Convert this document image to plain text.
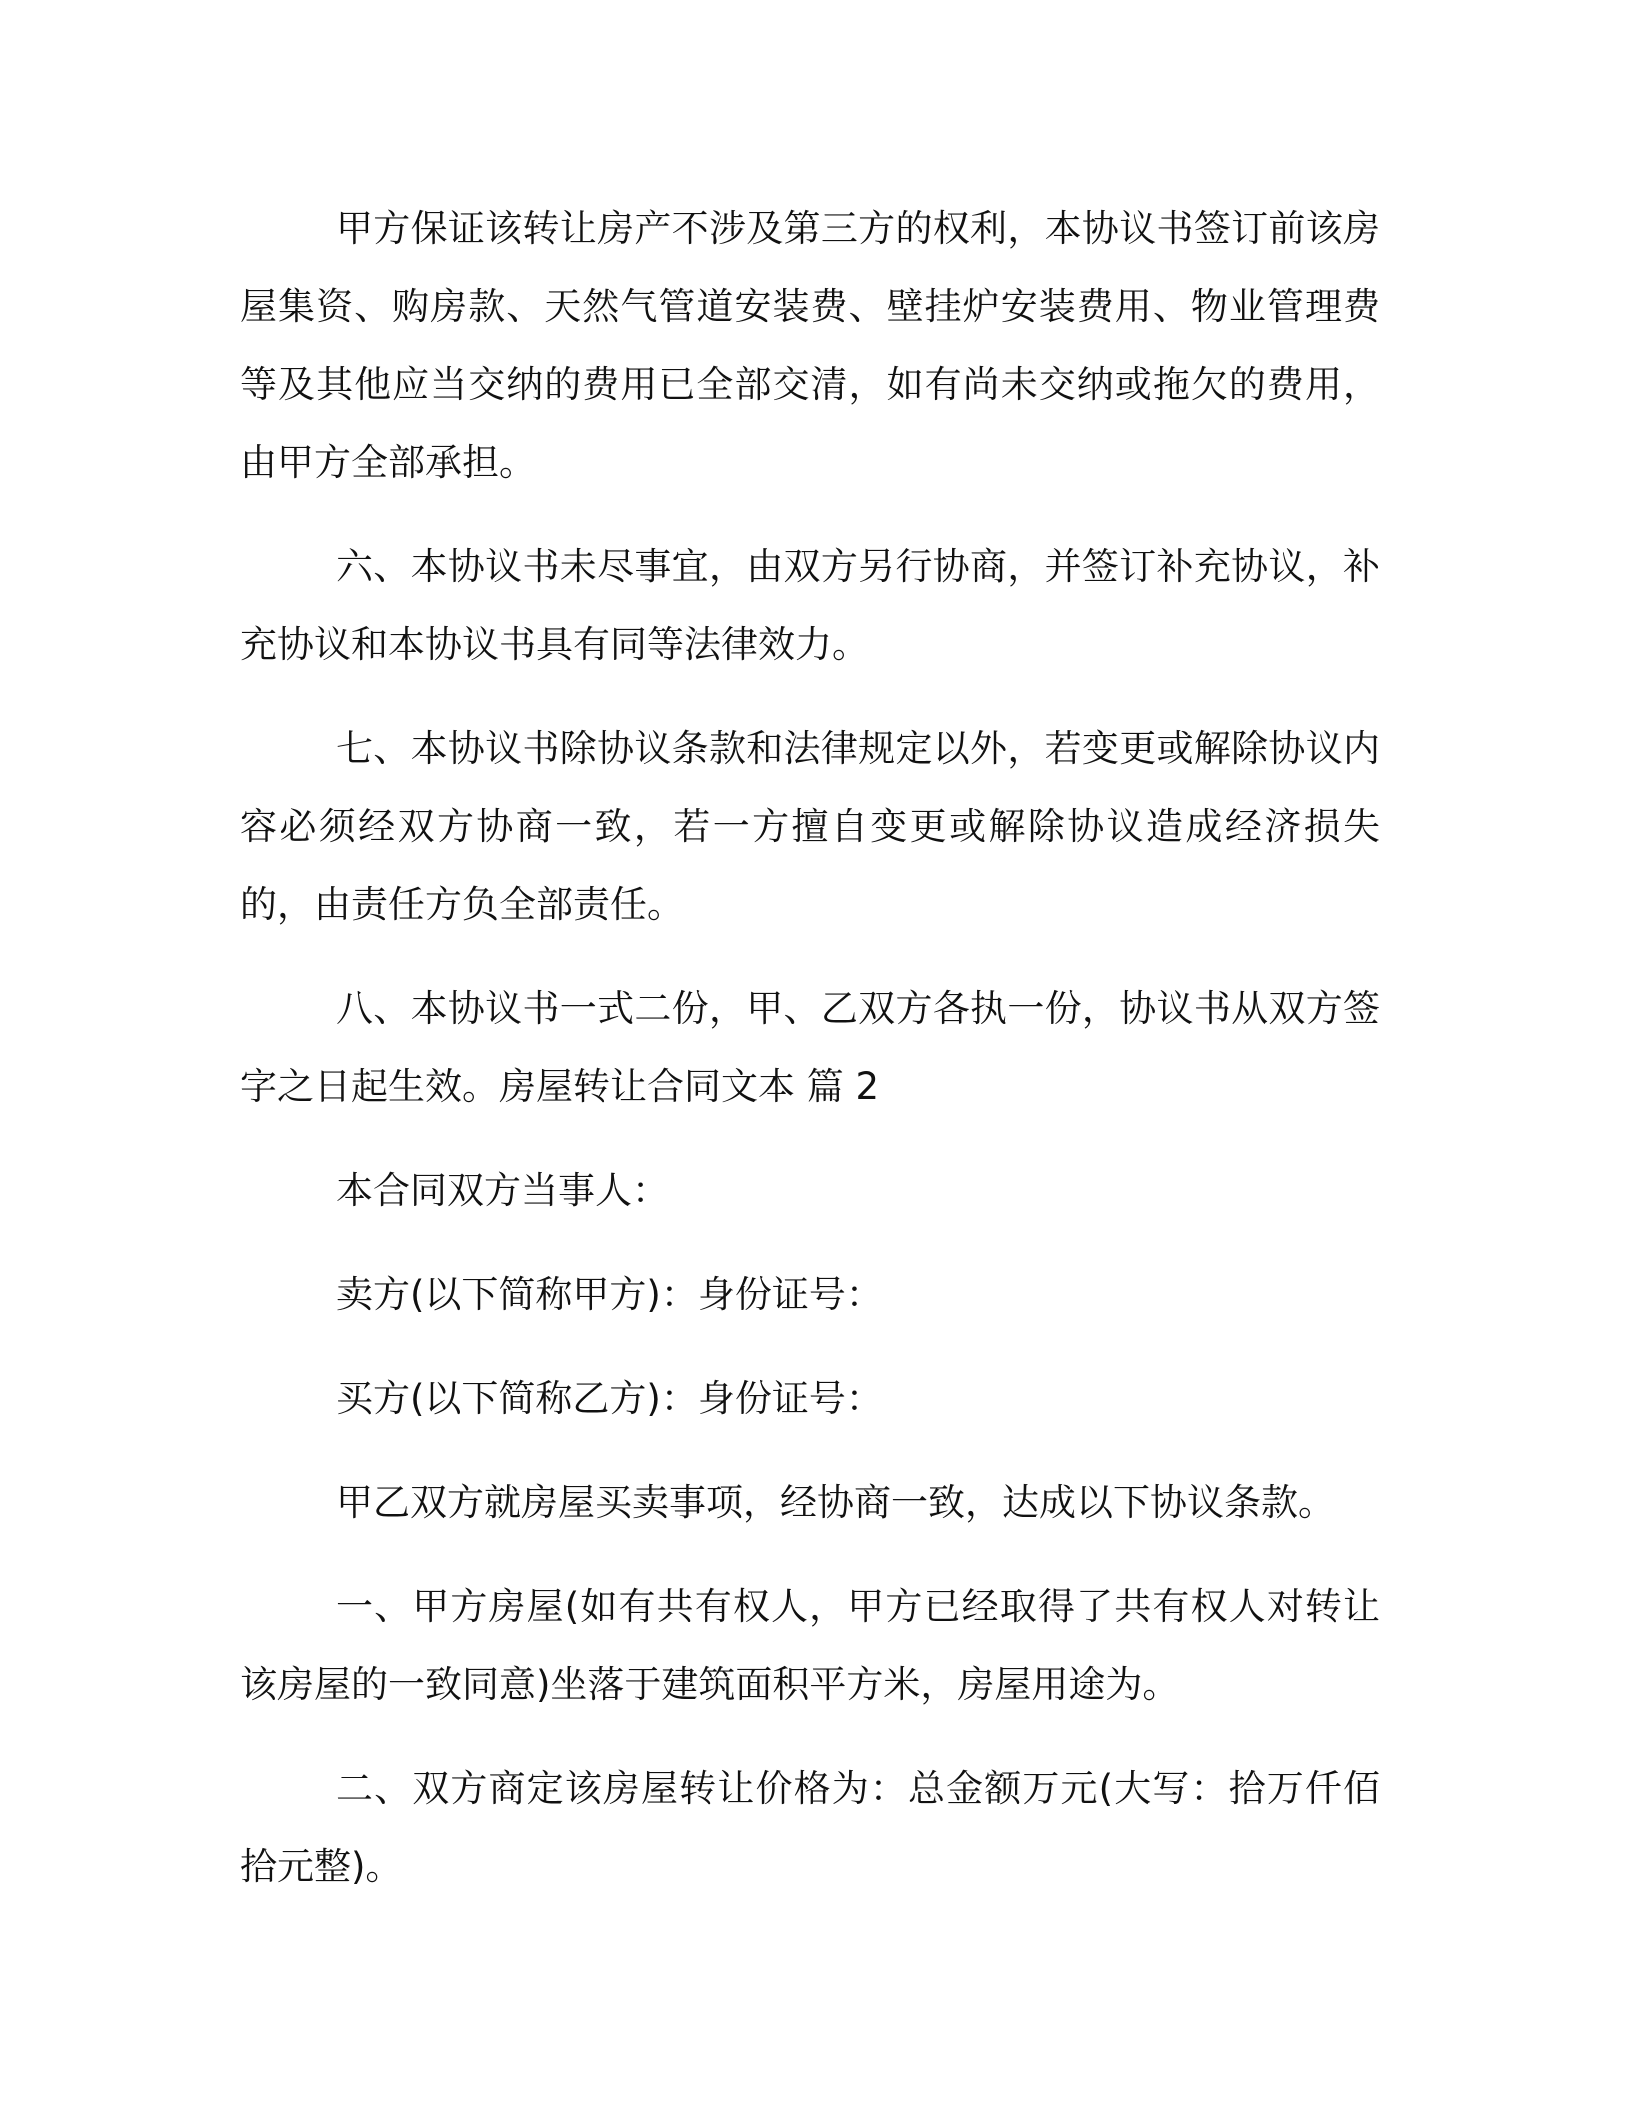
甲方保证该转让房产不涉及第三方的权利，本协议书签订前该房屋集资、购房款、天然气管道安装费、壁挂炉安装费用、物业管理费等及其他应当交纳的费用已全部交清，如有尚未交纳或拖欠的费用，由甲方全部承担。

六、本协议书未尽事宜，由双方另行协商，并签订补充协议，补充协议和本协议书具有同等法律效力。

七、本协议书除协议条款和法律规定以外，若变更或解除协议内容必须经双方协商一致，若一方擅自变更或解除协议造成经济损失的，由责任方负全部责任。

八、本协议书一式二份，甲、乙双方各执一份，协议书从双方签字之日起生效。房屋转让合同文本 篇 2

本合同双方当事人：

卖方(以下简称甲方)：身份证号：

买方(以下简称乙方)：身份证号：

甲乙双方就房屋买卖事项，经协商一致，达成以下协议条款。

一、甲方房屋(如有共有权人，甲方已经取得了共有权人对转让该房屋的一致同意)坐落于建筑面积平方米，房屋用途为。

二、双方商定该房屋转让价格为：总金额万元(大写：拾万仟佰拾元整)。
